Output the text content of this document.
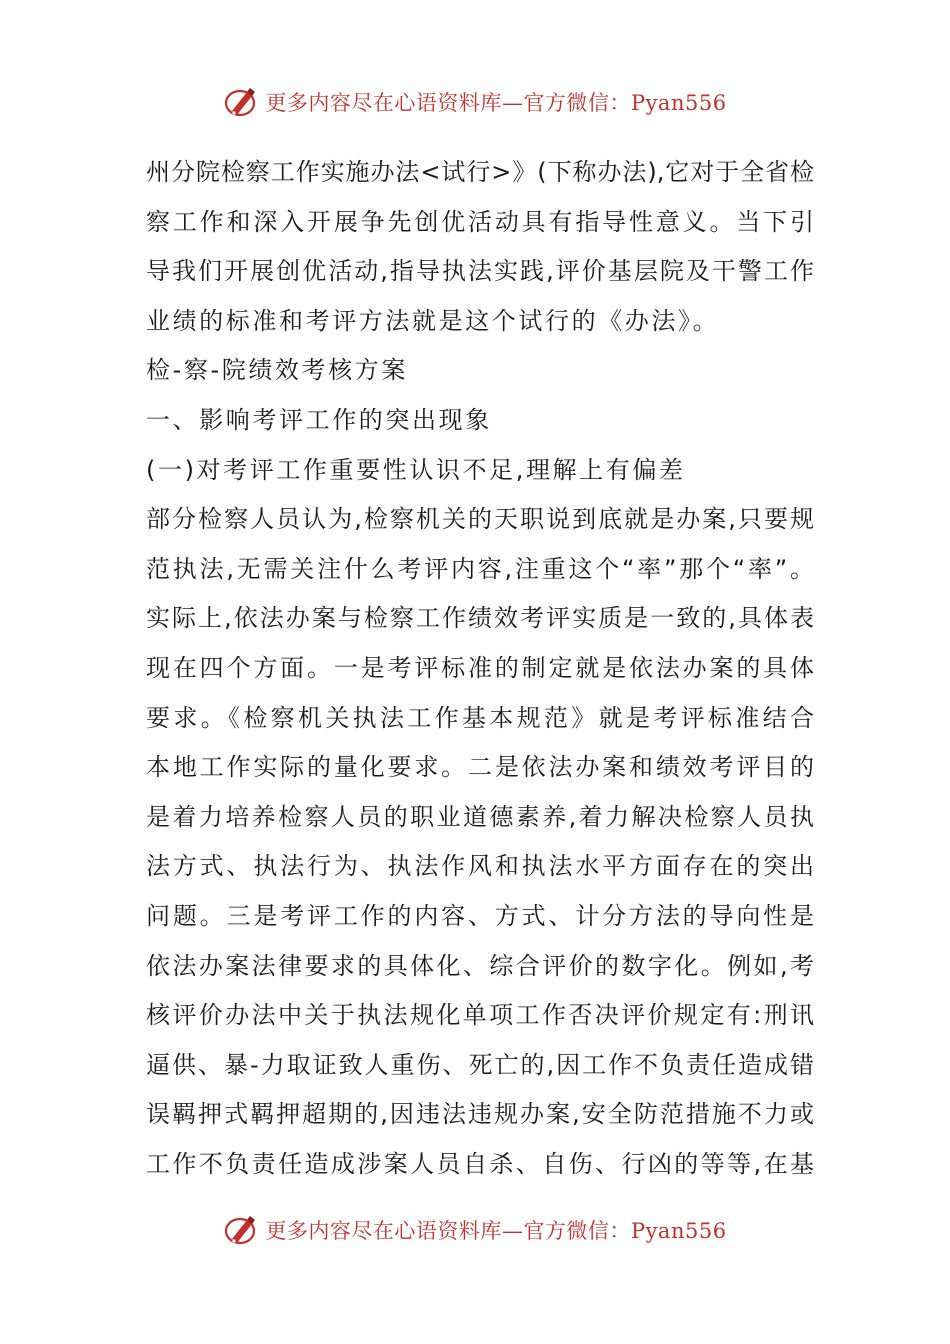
更多内容尽在心语资料库—官方微信：Pyan556
州分院检察工作实施办法<试行>》(下称办法),它对于全省检
察工作和深入开展争先创优活动具有指导性意义。当下引
导我们开展创优活动,指导执法实践,评价基层院及干警工作
业绩的标准和考评方法就是这个试行的《办法》。
检-察-院绩效考核方案
一、影响考评工作的突出现象
(一)对考评工作重要性认识不足,理解上有偏差
部分检察人员认为,检察机关的天职说到底就是办案,只要规
范执法,无需关注什么考评内容,注重这个“率”那个“率”。
实际上,依法办案与检察工作绩效考评实质是一致的,具体表
现在四个方面。一是考评标准的制定就是依法办案的具体
要求。《检察机关执法工作基本规范》就是考评标准结合
本地工作实际的量化要求。二是依法办案和绩效考评目的
是着力培养检察人员的职业道德素养,着力解决检察人员执
法方式、执法行为、执法作风和执法水平方面存在的突出
问题。三是考评工作的内容、方式、计分方法的导向性是
依法办案法律要求的具体化、综合评价的数字化。例如,考
核评价办法中关于执法规化单项工作否决评价规定有:刑讯
逼供、暴-力取证致人重伤、死亡的,因工作不负责任造成错
误羁押式羁押超期的,因违法违规办案,安全防范措施不力或
工作不负责任造成涉案人员自杀、自伤、行凶的等等,在基
更多内容尽在心语资料库—官方微信：Pyan556
